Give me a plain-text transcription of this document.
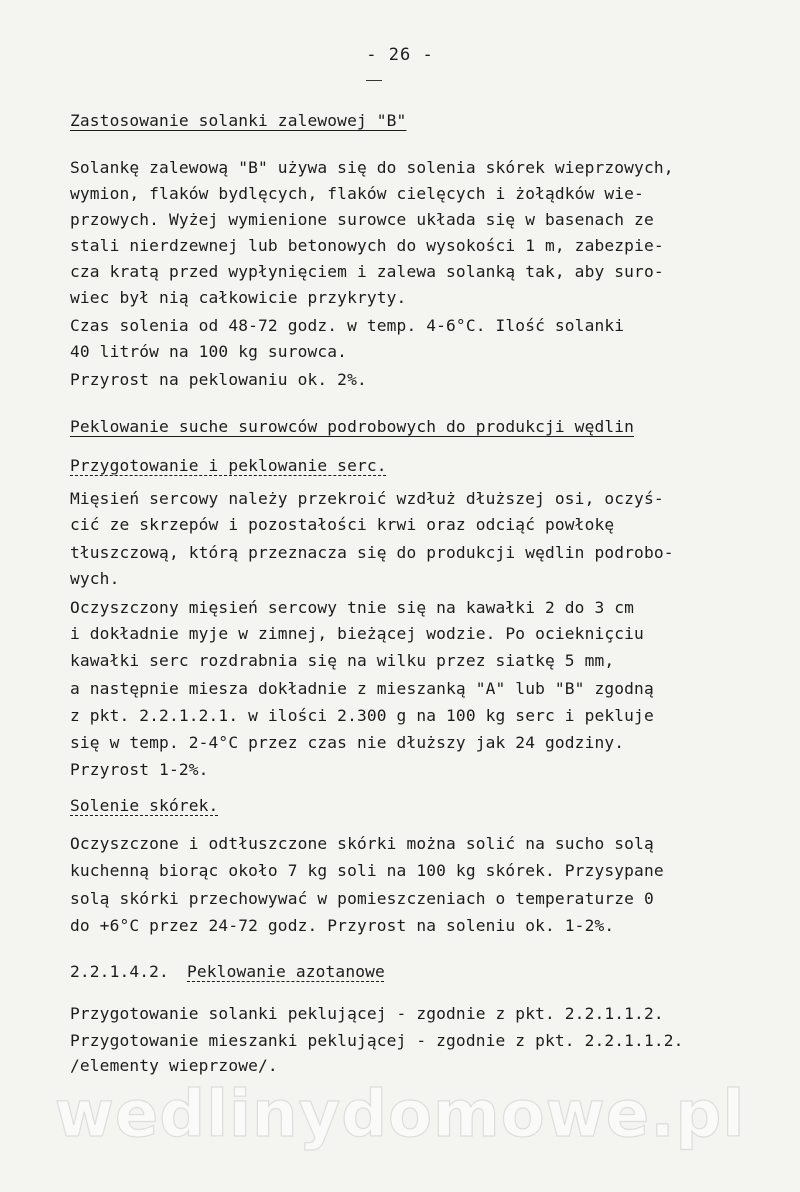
- 26 -
Zastosowanie solanki zalewowej "B"
Solankę zalewową "B" używa się do solenia skórek wieprzowych,
wymion, flaków bydlęcych, flaków cielęcych i żołądków wie-
przowych. Wyżej wymienione surowce układa się w basenach ze
stali nierdzewnej lub betonowych do wysokości 1 m, zabezpie-
cza kratą przed wypłynięciem i zalewa solanką tak, aby suro-
wiec był nią całkowicie przykryty.
Czas solenia od 48-72 godz. w temp. 4-6°C. Ilość solanki
40 litrów na 100 kg surowca.
Przyrost na peklowaniu ok. 2%.
Peklowanie suche surowców podrobowych do produkcji wędlin
Przygotowanie i peklowanie serc.
Mięsień sercowy należy przekroić wzdłuż dłuższej osi, oczyś-
cić ze skrzepów i pozostałości krwi oraz odciąć powłokę
tłuszczową, którą przeznacza się do produkcji wędlin podrobo-
wych.
Oczyszczony mięsień sercowy tnie się na kawałki 2 do 3 cm
i dokładnie myje w zimnej, bieżącej wodzie. Po ociekniçciu
kawałki serc rozdrabnia się na wilku przez siatkę 5 mm,
a następnie miesza dokładnie z mieszanką "A" lub "B" zgodną
z pkt. 2.2.1.2.1. w ilości 2.300 g na 100 kg serc i pekluje
się w temp. 2-4°C przez czas nie dłuższy jak 24 godziny.
Przyrost 1-2%.
Solenie skórek.
Oczyszczone i odtłuszczone skórki można solić na sucho solą
kuchenną biorąc około 7 kg soli na 100 kg skórek. Przysypane
solą skórki przechowywać w pomieszczeniach o temperaturze 0
do +6°C przez 24-72 godz. Przyrost na soleniu ok. 1-2%.
2.2.1.4.2. Peklowanie azotanowe
Przygotowanie solanki peklującej - zgodnie z pkt. 2.2.1.1.2.
Przygotowanie mieszanki peklującej - zgodnie z pkt. 2.2.1.1.2.
/elementy wieprzowe/.
wedlinydomowe.pl
